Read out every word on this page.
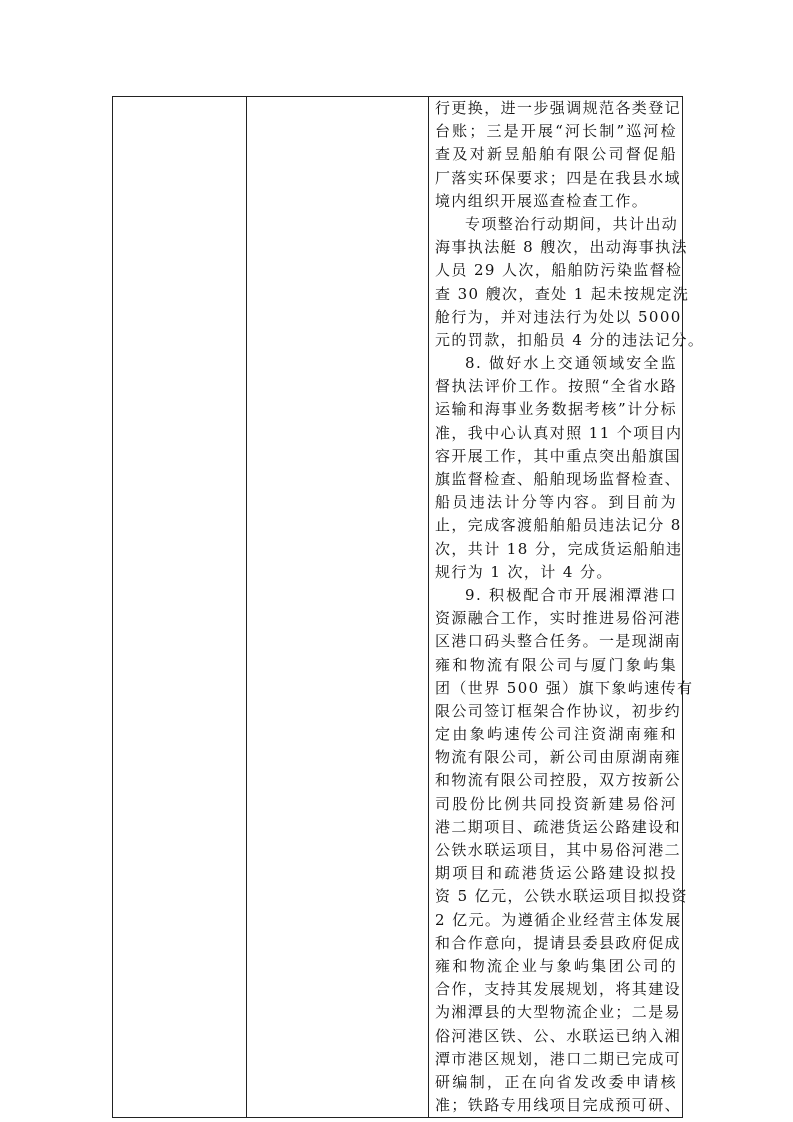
行更换，进一步强调规范各类登记
台账；三是开展“河长制”巡河检
查及对新昱船舶有限公司督促船
厂落实环保要求；四是在我县水域
境内组织开展巡查检查工作。
专项整治行动期间，共计出动
海事执法艇 8 艘次，出动海事执法
人员 29 人次，船舶防污染监督检
查 30 艘次，查处 1 起未按规定洗
舱行为，并对违法行为处以 5000
元的罚款，扣船员 4 分的违法记分。
8. 做好水上交通领域安全监
督执法评价工作。按照“全省水路
运输和海事业务数据考核”计分标
准，我中心认真对照 11 个项目内
容开展工作，其中重点突出船旗国
旗监督检查、船舶现场监督检查、
船员违法计分等内容。到目前为
止，完成客渡船舶船员违法记分 8
次，共计 18 分，完成货运船舶违
规行为 1 次，计 4 分。
9. 积极配合市开展湘潭港口
资源融合工作，实时推进易俗河港
区港口码头整合任务。一是现湖南
雍和物流有限公司与厦门象屿集
团（世界 500 强）旗下象屿速传有
限公司签订框架合作协议，初步约
定由象屿速传公司注资湖南雍和
物流有限公司，新公司由原湖南雍
和物流有限公司控股，双方按新公
司股份比例共同投资新建易俗河
港二期项目、疏港货运公路建设和
公铁水联运项目，其中易俗河港二
期项目和疏港货运公路建设拟投
资 5 亿元，公铁水联运项目拟投资
2 亿元。为遵循企业经营主体发展
和合作意向，提请县委县政府促成
雍和物流企业与象屿集团公司的
合作，支持其发展规划，将其建设
为湘潭县的大型物流企业；二是易
俗河港区铁、公、水联运已纳入湘
潭市港区规划，港口二期已完成可
研编制，正在向省发改委申请核
准；铁路专用线项目完成预可研、
